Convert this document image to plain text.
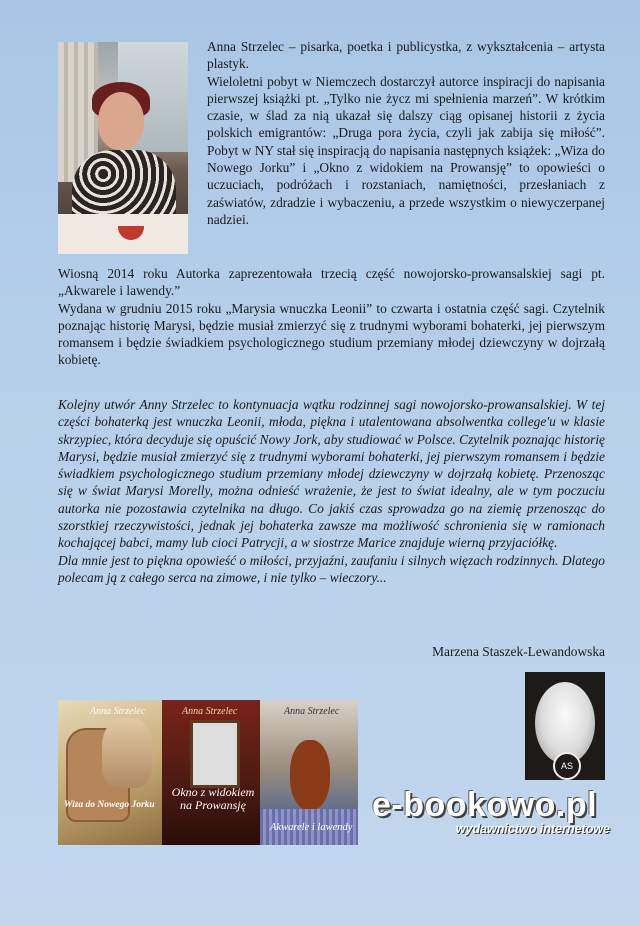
Anna Strzelec – pisarka, poetka i publicystka, z wykształcenia – artysta plastyk.

Wieloletni pobyt w Niemczech dostarczył autorce inspiracji do napisania pierwszej książki pt. „Tylko nie życz mi spełnienia marzeń”. W krótkim czasie, w ślad za nią ukazał się dalszy ciąg opisanej historii z życia polskich emigrantów: „Druga pora życia, czyli jak zabija się miłość”. Pobyt w NY stał się inspiracją do napisania następnych książek: „Wiza do Nowego Jorku” i „Okno z widokiem na Prowansję” to opowieści o uczuciach, podróżach i rozstaniach, namiętności, przesłaniach z zaświatów, zdradzie i wybaczeniu, a przede wszystkim o niewyczerpanej nadziei.

Wiosną 2014 roku Autorka zaprezentowała trzecią część nowojorsko-prowansalskiej sagi pt. „Akwarele i lawendy.”

Wydana w grudniu 2015 roku „Marysia wnuczka Leonii” to czwarta i ostatnia część sagi. Czytelnik poznając historię Marysi, będzie musiał zmierzyć się z trudnymi wyborami bohaterki, jej pierwszym romansem i będzie świadkiem psychologicznego studium przemiany młodej dziewczyny w dojrzałą kobietę.

Kolejny utwór Anny Strzelec to kontynuacja wątku rodzinnej sagi nowojorsko-prowansalskiej. W tej części bohaterką jest wnuczka Leonii, młoda, piękna i utalentowana absolwentka college'u w klasie skrzypiec, która decyduje się opuścić Nowy Jork, aby studiować w Polsce. Czytelnik poznając historię Marysi, będzie musiał zmierzyć się z trudnymi wyborami bohaterki, jej pierwszym romansem i będzie świadkiem psychologicznego studium przemiany młodej dziewczyny w dojrzałą kobietę. Przenosząc się w świat Marysi Morelly, można odnieść wrażenie, że jest to świat idealny, ale w tym poczuciu autorka nie pozostawia czytelnika na długo. Co jakiś czas sprowadza go na ziemię przenosząc do szorstkiej rzeczywistości, jednak jej bohaterka zawsze ma możliwość schronienia się w ramionach kochającej babci, mamy lub cioci Patrycji, a w siostrze Marice znajduje wierną przyjaciółkę.

Dla mnie jest to piękna opowieść o miłości, przyjaźni, zaufaniu i silnych więzach rodzinnych. Dlatego polecam ją z całego serca na zimowe, i nie tylko – wieczory...

Marzena Staszek-Lewandowska
Anna Strzelec
Wiza do Nowego Jorku
Anna Strzelec
Okno z widokiem na Prowansję
Anna Strzelec
Akwarele i lawendy
AS
e-bookowo.pl
wydawnictwo internetowe
